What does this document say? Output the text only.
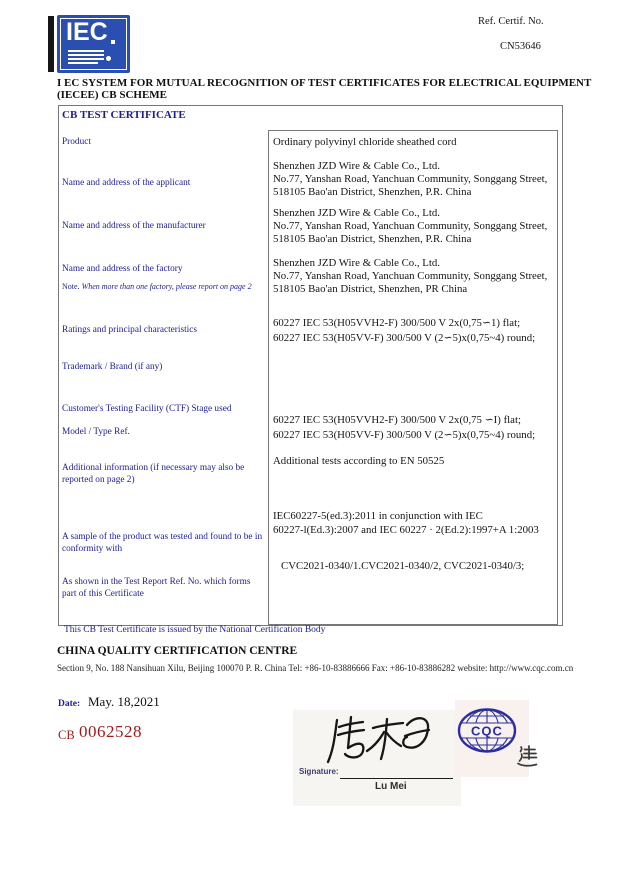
IEC	Ref. Certif. No.
CN53646
I EC SYSTEM FOR MUTUAL RECOGNITION OF TEST CERTIFICATES FOR ELECTRICAL EQUIPMENT
(IECEE) CB SCHEME
CB TEST CERTIFICATE
Product
Name and address of the applicant
Name and address of the manufacturer
Name and address of the factory
Note. When more than one factory, please report on page 2
Ratings and principal characteristics
Trademark / Brand (if any)
Customer's Testing Facility (CTF) Stage used
Model / Type Ref.
Additional information (if necessary may also be reported on page 2)
A sample of the product was tested and found to be in conformity with
As shown in the Test Report Ref. No. which forms part of this Certificate
Ordinary polyvinyl chloride sheathed cord
Shenzhen JZD Wire & Cable Co., Ltd.
No.77, Yanshan Road, Yanchuan Community, Songgang Street,
518105 Bao'an District, Shenzhen, P.R. China
Shenzhen JZD Wire & Cable Co., Ltd.
No.77, Yanshan Road, Yanchuan Community, Songgang Street,
518105 Bao'an District, Shenzhen, P.R. China
Shenzhen JZD Wire & Cable Co., Ltd.
No.77, Yanshan Road, Yanchuan Community, Songgang Street,
518105 Bao'an District, Shenzhen, PR China
60227 IEC 53(H05VVH2-F) 300/500 V 2x(0,75∽1) flat;
60227 IEC 53(H05VV-F) 300/500 V (2∽5)x(0,75~4) round;
60227 IEC 53(H05VVH2-F) 300/500 V 2x(0,75 ∽I) flat;
60227 IEC 53(H05VV-F) 300/500 V (2∽5)x(0,75~4) round;
Additional tests according to EN 50525
IEC60227-5(ed.3):2011 in conjunction with IEC
60227-l(Ed.3):2007 and IEC 60227 · 2(Ed.2):1997+A 1:2003
CVC2021-0340/1.CVC2021-0340/2, CVC2021-0340/3;
This CB Test Certificate is issued by the National Certification Body
CHINA QUALITY CERTIFICATION CENTRE
Section 9, No. 188 Nansihuan Xilu, Beijing 100070 P. R. China Tel: +86-10-83886666 Fax: +86-10-83886282 website: http://www.cqc.com.cn
Date: May. 18,2021
CB 0062528
Signature:
Lu Mei
CQC
